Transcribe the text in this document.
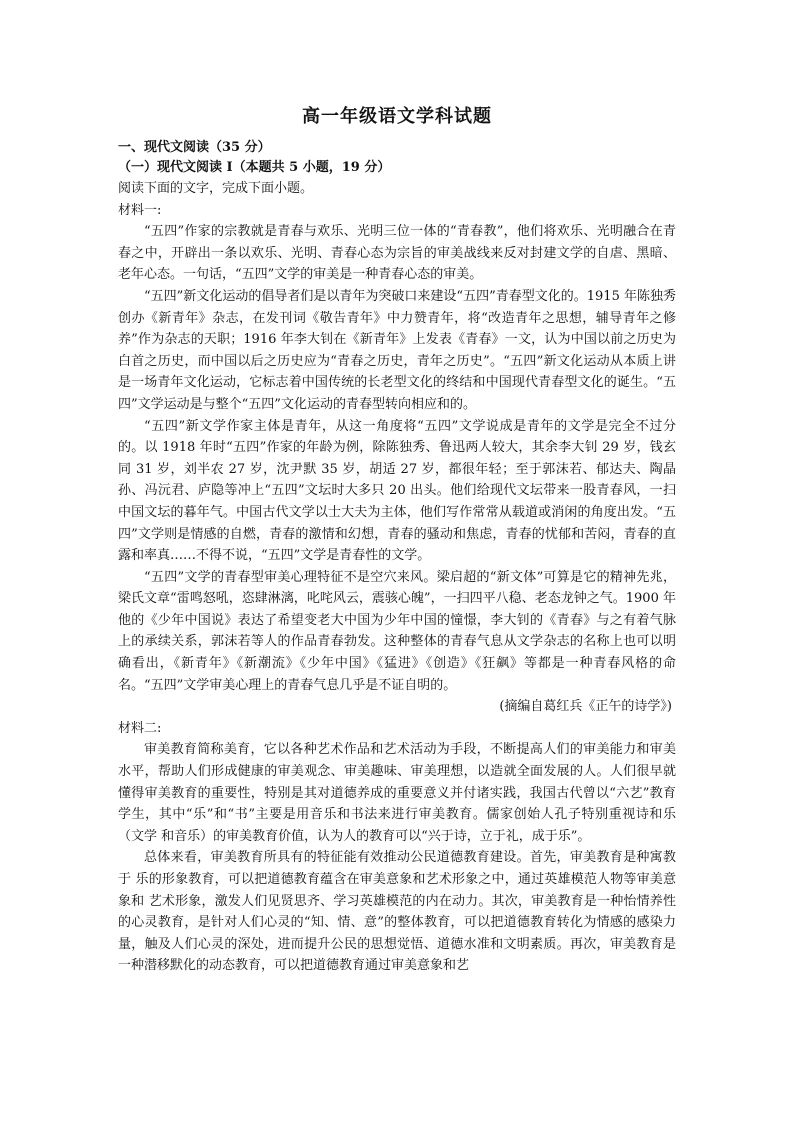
高一年级语文学科试题

一、现代文阅读（35 分）

（一）现代文阅读 I（本题共 5 小题，19 分）

阅读下面的文字，完成下面小题。

材料一:

“五四”作家的宗教就是青春与欢乐、光明三位一体的“青春教”，他们将欢乐、光明融合在青春之中，开辟出一条以欢乐、光明、青春心态为宗旨的审美战线来反对封建文学的自虐、黑暗、老年心态。一句话，“五四”文学的审美是一种青春心态的审美。

“五四”新文化运动的倡导者们是以青年为突破口来建设“五四”青春型文化的。1915 年陈独秀创办《新青年》杂志，在发刊词《敬告青年》中力赞青年，将“改造青年之思想，辅导青年之修养”作为杂志的天职；1916 年李大钊在《新青年》上发表《青春》一文，认为中国以前之历史为白首之历史，而中国以后之历史应为“青春之历史，青年之历史”。“五四”新文化运动从本质上讲是一场青年文化运动，它标志着中国传统的长老型文化的终结和中国现代青春型文化的诞生。“五四”文学运动是与整个“五四”文化运动的青春型转向相应和的。

“五四”新文学作家主体是青年，从这一角度将“五四”文学说成是青年的文学是完全不过分的。以 1918 年时“五四”作家的年龄为例，除陈独秀、鲁迅两人较大，其余李大钊 29 岁，钱玄同 31 岁，刘半农 27 岁，沈尹默 35 岁，胡适 27 岁，都很年轻；至于郭沫若、郁达夫、陶晶孙、冯沅君、庐隐等冲上“五四”文坛时大多只 20 出头。他们给现代文坛带来一股青春风，一扫中国文坛的暮年气。中国古代文学以士大夫为主体，他们写作常常从载道或消闲的角度出发。“五四”文学则是情感的自燃，青春的激情和幻想，青春的骚动和焦虑，青春的忧郁和苦闷，青春的直露和率真……不得不说，“五四”文学是青春性的文学。

“五四”文学的青春型审美心理特征不是空穴来风。梁启超的“新文体”可算是它的精神先兆，梁氏文章“雷鸣怒吼，恣肆淋漓，叱咤风云，震骇心魄”，一扫四平八稳、老态龙钟之气。1900 年他的《少年中国说》表达了希望变老大中国为少年中国的憧憬，李大钊的《青春》与之有着气脉上的承续关系，郭沫若等人的作品青春勃发。这种整体的青春气息从文学杂志的名称上也可以明确看出，《新青年》《新潮流》《少年中国》《猛进》《创造》《狂飙》等都是一种青春风格的命名。“五四”文学审美心理上的青春气息几乎是不证自明的。

(摘编自葛红兵《正午的诗学》)

材料二:

审美教育简称美育，它以各种艺术作品和艺术活动为手段，不断提高人们的审美能力和审美水平，帮助人们形成健康的审美观念、审美趣味、审美理想，以造就全面发展的人。人们很早就懂得审美教育的重要性，特别是其对道德养成的重要意义并付诸实践，我国古代曾以“六艺”教育学生，其中“乐”和“书”主要是用音乐和书法来进行审美教育。儒家创始人孔子特别重视诗和乐（文学 和音乐）的审美教育价值，认为人的教育可以“兴于诗，立于礼，成于乐”。

总体来看，审美教育所具有的特征能有效推动公民道德教育建设。首先，审美教育是种寓教于 乐的形象教育，可以把道德教育蕴含在审美意象和艺术形象之中，通过英雄模范人物等审美意象和 艺术形象，激发人们见贤思齐、学习英雄模范的内在动力。其次，审美教育是一种怡情养性的心灵教育，是针对人们心灵的“知、情、意”的整体教育，可以把道德教育转化为情感的感染力量，触及人们心灵的深处，进而提升公民的思想觉悟、道德水准和文明素质。再次，审美教育是一种潜移默化的动态教育，可以把道德教育通过审美意象和艺
